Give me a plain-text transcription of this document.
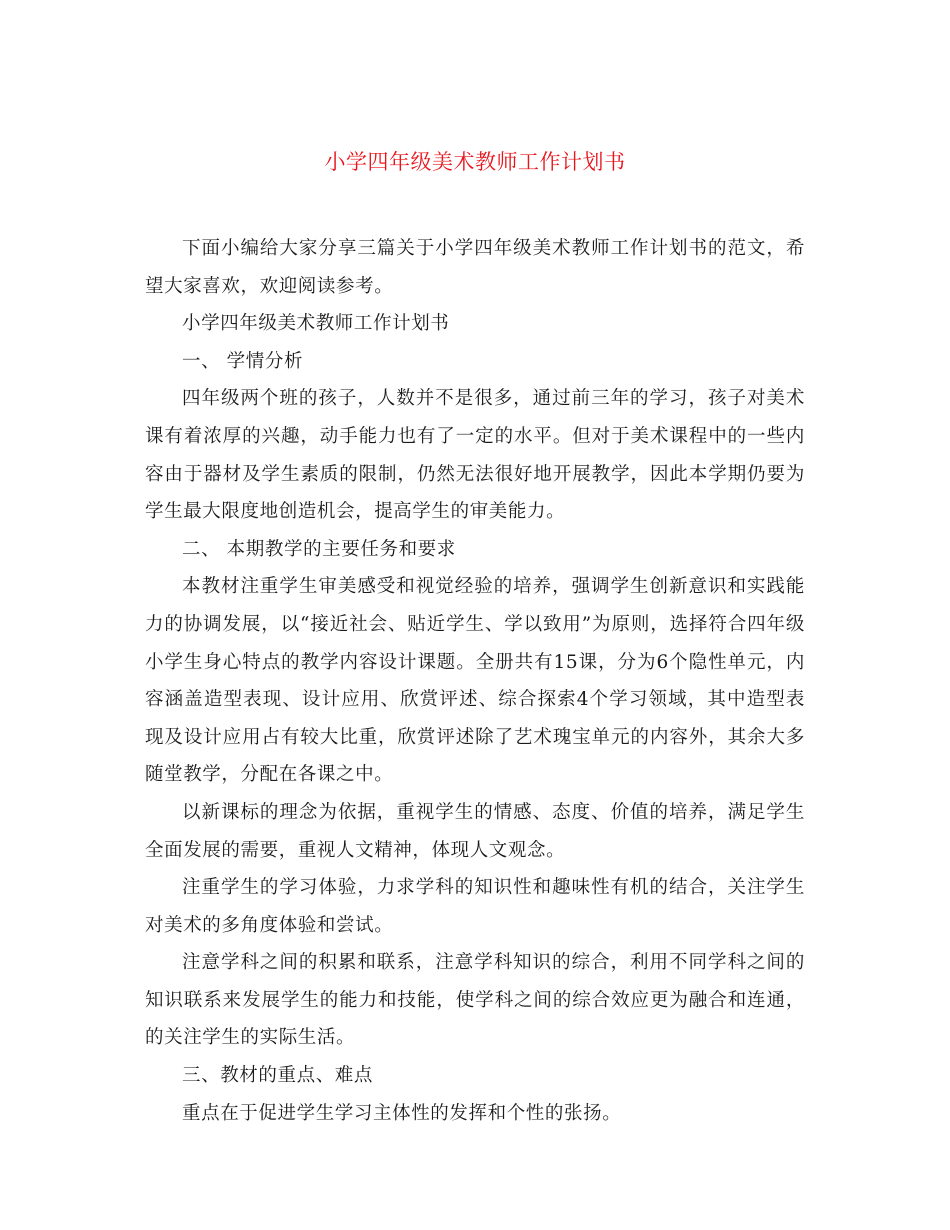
小学四年级美术教师工作计划书

下面小编给大家分享三篇关于小学四年级美术教师工作计划书的范文，希望大家喜欢，欢迎阅读参考。

小学四年级美术教师工作计划书

一、 学情分析

四年级两个班的孩子，人数并不是很多，通过前三年的学习，孩子对美术课有着浓厚的兴趣，动手能力也有了一定的水平。但对于美术课程中的一些内容由于器材及学生素质的限制，仍然无法很好地开展教学，因此本学期仍要为学生最大限度地创造机会，提高学生的审美能力。

二、 本期教学的主要任务和要求

本教材注重学生审美感受和视觉经验的培养，强调学生创新意识和实践能力的协调发展，以“接近社会、贴近学生、学以致用”为原则，选择符合四年级小学生身心特点的教学内容设计课题。全册共有15课，分为6个隐性单元，内容涵盖造型表现、设计应用、欣赏评述、综合探索4个学习领域，其中造型表现及设计应用占有较大比重，欣赏评述除了艺术瑰宝单元的内容外，其余大多随堂教学，分配在各课之中。

以新课标的理念为依据，重视学生的情感、态度、价值的培养，满足学生全面发展的需要，重视人文精神，体现人文观念。

注重学生的学习体验，力求学科的知识性和趣味性有机的结合，关注学生对美术的多角度体验和尝试。

注意学科之间的积累和联系，注意学科知识的综合，利用不同学科之间的知识联系来发展学生的能力和技能，使学科之间的综合效应更为融合和连通，的关注学生的实际生活。

三、教材的重点、难点

重点在于促进学生学习主体性的发挥和个性的张扬。
